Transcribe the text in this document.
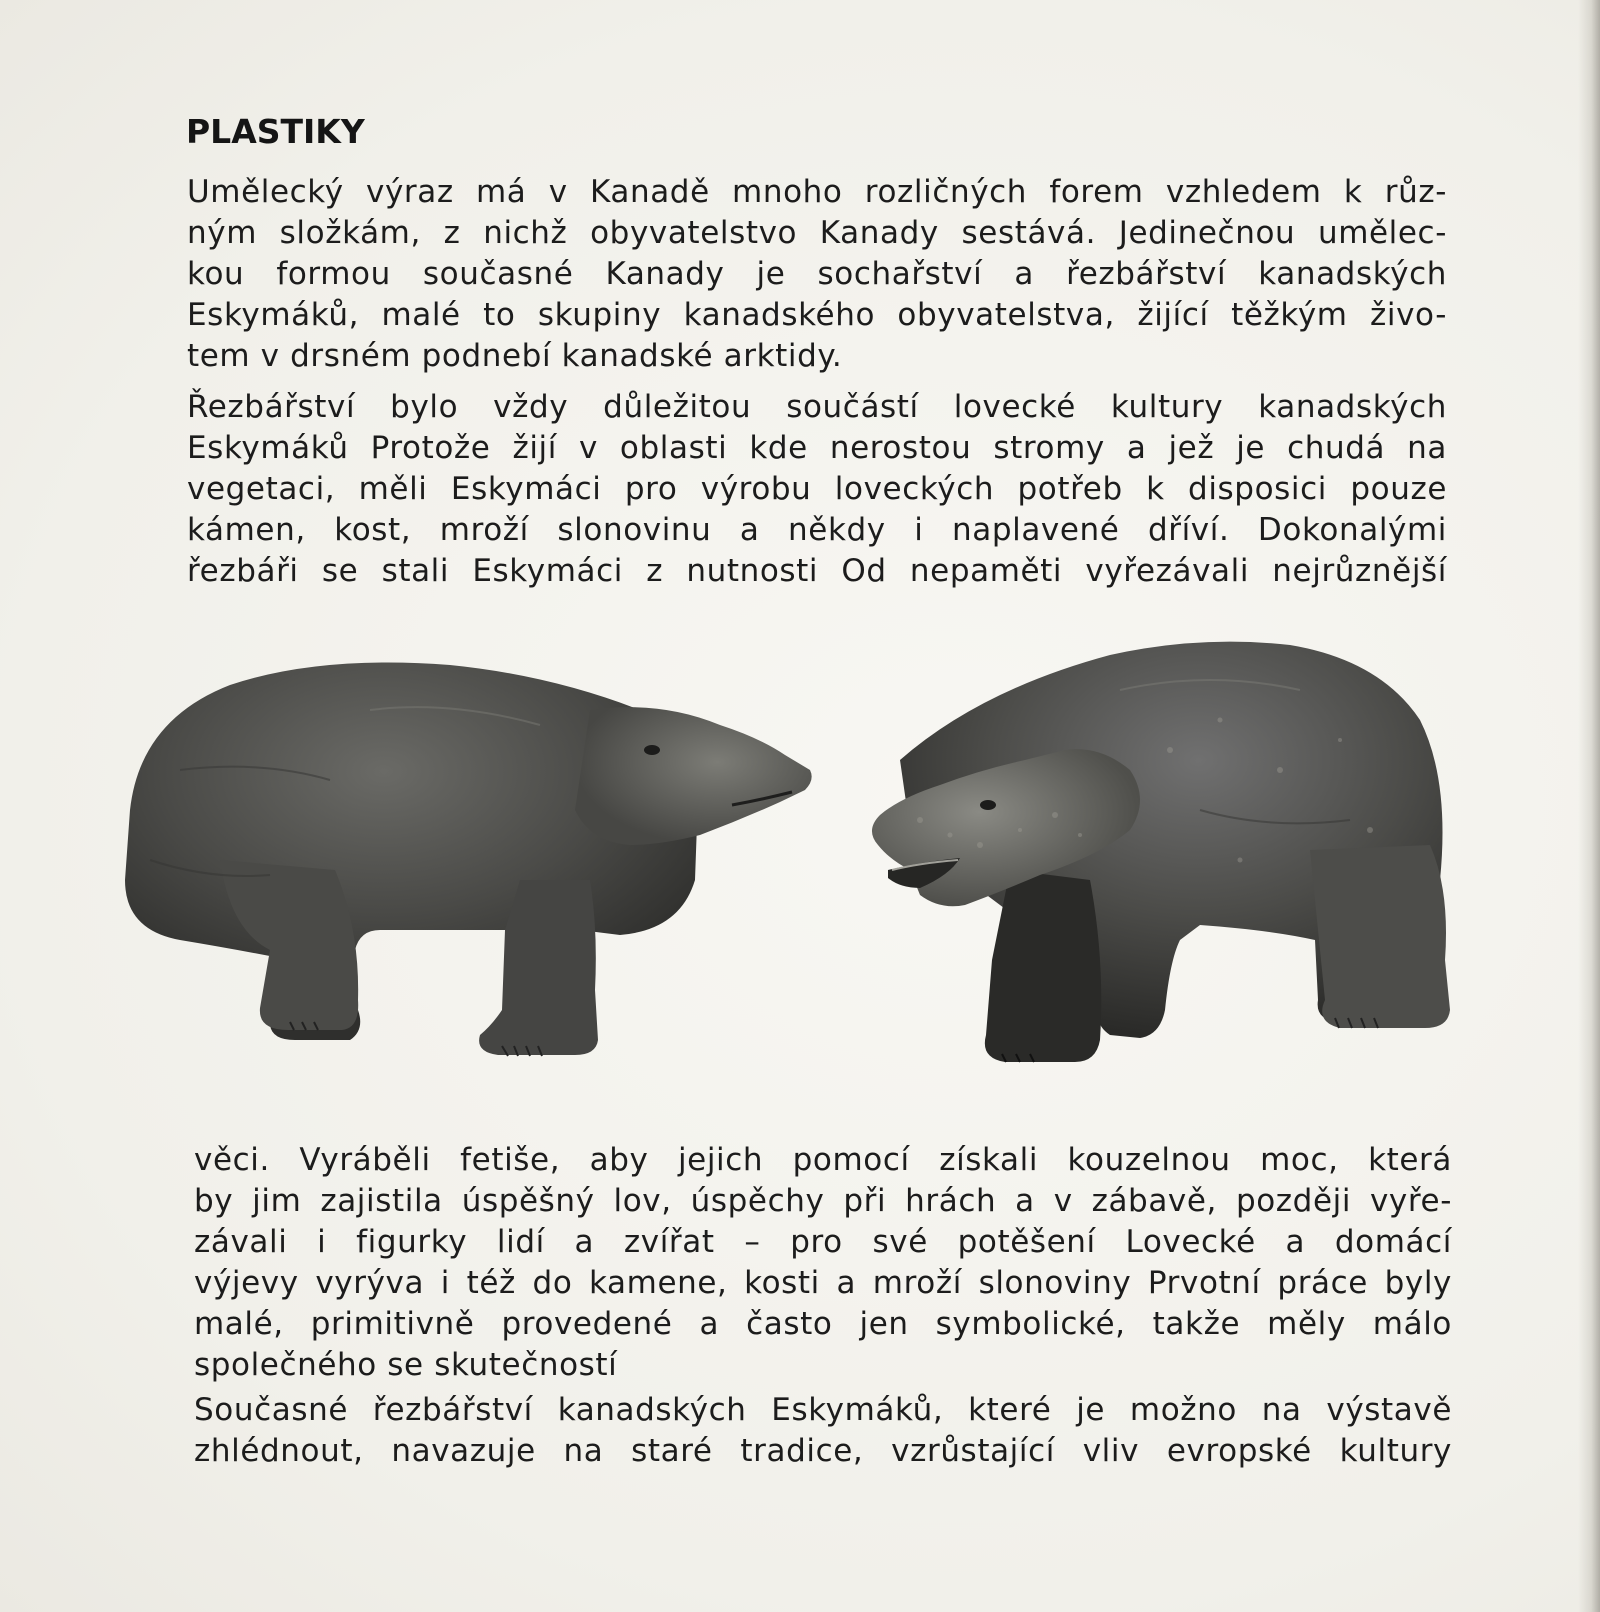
PLASTIKY

Umělecký výraz má v Kanadě mnoho rozličných forem vzhledem k růz-
ným složkám, z nichž obyvatelstvo Kanady sestává. Jedinečnou umělec-
kou formou současné Kanady je sochařství a řezbářství kanadských
Eskymáků, malé to skupiny kanadského obyvatelstva, žijící těžkým živo-
tem v drsném podnebí kanadské arktidy.

Řezbářství bylo vždy důležitou součástí lovecké kultury kanadských
Eskymáků Protože žijí v oblasti kde nerostou stromy a jež je chudá na
vegetaci, měli Eskymáci pro výrobu loveckých potřeb k disposici pouze
kámen, kost, mroží slonovinu a někdy i naplavené dříví. Dokonalými
řezbáři se stali Eskymáci z nutnosti Od nepaměti vyřezávali nejrůznější

věci. Vyráběli fetiše, aby jejich pomocí získali kouzelnou moc, která
by jim zajistila úspěšný lov, úspěchy při hrách a v zábavě, později vyře-
závali i figurky lidí a zvířat – pro své potěšení Lovecké a domácí
výjevy vyrýva i též do kamene, kosti a mroží slonoviny Prvotní práce byly
malé, primitivně provedené a často jen symbolické, takže měly málo
společného se skutečností

Současné řezbářství kanadských Eskymáků, které je možno na výstavě
zhlédnout, navazuje na staré tradice, vzrůstající vliv evropské kultury
